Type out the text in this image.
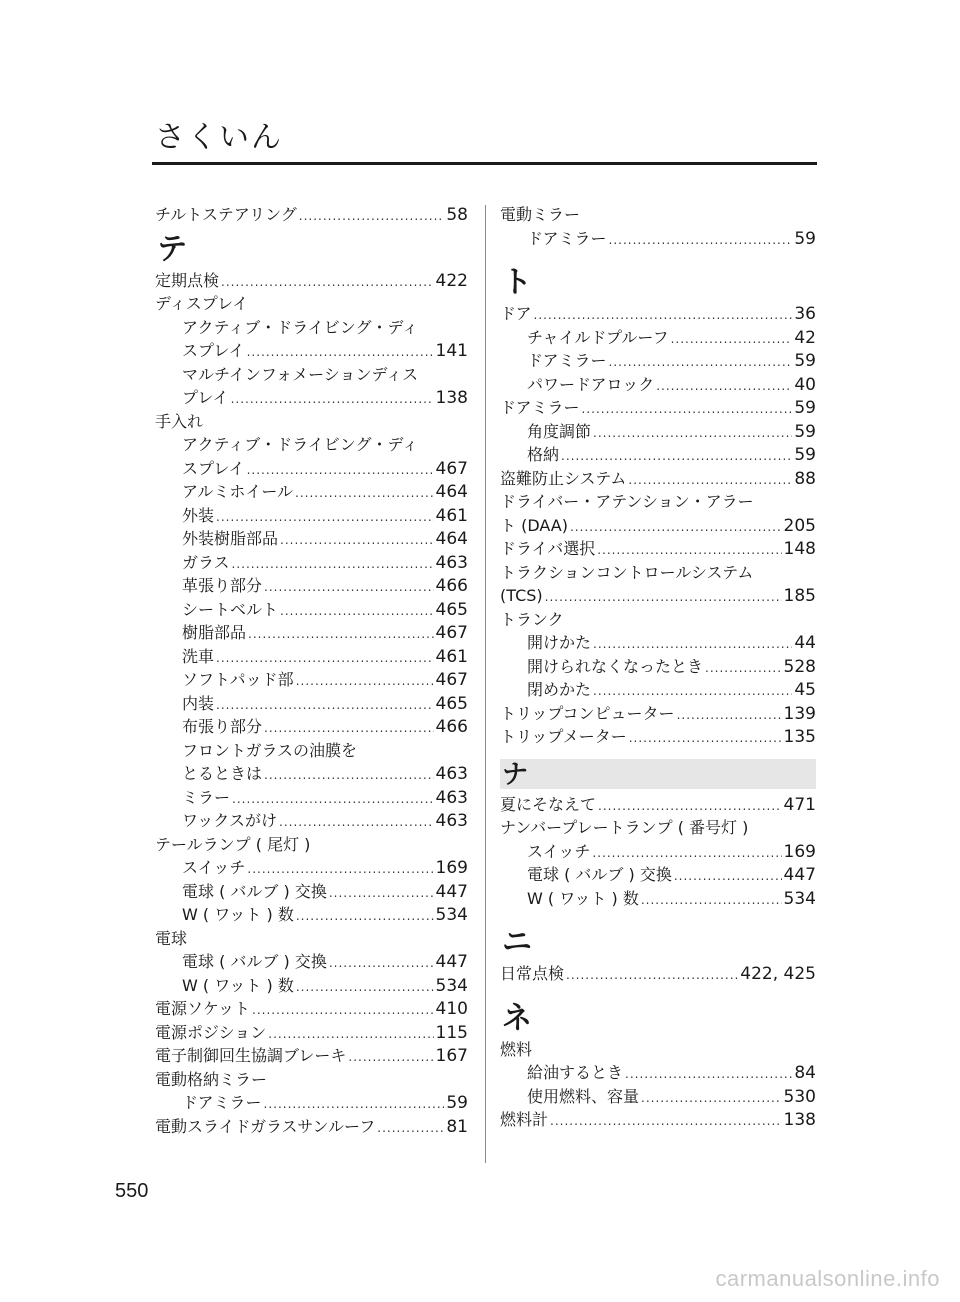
さくいん
チルトステアリング .....	58
テ
定期点検 .....	422
ディスプレイ
アクティブ・ドライビング・ディ
スプレイ .....	141
マルチインフォメーションディス
プレイ .....	138
手入れ
アクティブ・ドライビング・ディ
スプレイ .....	467
アルミホイール .....	464
外装 .....	461
外装樹脂部品 .....	464
ガラス .....	463
革張り部分 .....	466
シートベルト .....	465
樹脂部品 .....	467
洗車 .....	461
ソフトパッド部 .....	467
内装 .....	465
布張り部分 .....	466
フロントガラスの油膜を
とるときは .....	463
ミラー .....	463
ワックスがけ .....	463
テールランプ ( 尾灯 )
スイッチ .....	169
電球 ( バルブ ) 交換 .....	447
W ( ワット ) 数 .....	534
電球
電球 ( バルブ ) 交換 .....	447
W ( ワット ) 数 .....	534
電源ソケット .....	410
電源ポジション .....	115
電子制御回生協調ブレーキ .....	167
電動格納ミラー
ドアミラー .....	59
電動スライドガラスサンルーフ .....	81
電動ミラー
ドアミラー .....	59
ト
ドア .....	36
チャイルドプルーフ .....	42
ドアミラー .....	59
パワードアロック .....	40
ドアミラー .....	59
角度調節 .....	59
格納 .....	59
盗難防止システム .....	88
ドライバー・アテンション・アラー
ト (DAA) .....	205
ドライバ選択 .....	148
トラクションコントロールシステム
(TCS) .....	185
トランク
開けかた .....	44
開けられなくなったとき .....	528
閉めかた .....	45
トリップコンピューター .....	139
トリップメーター .....	135
ナ
夏にそなえて .....	471
ナンバープレートランプ ( 番号灯 )
スイッチ .....	169
電球 ( バルブ ) 交換 .....	447
W ( ワット ) 数 .....	534
ニ
日常点検 .....	422, 425
ネ
燃料
給油するとき .....	84
使用燃料、容量 .....	530
燃料計 .....	138
550
carmanualsonline.info
